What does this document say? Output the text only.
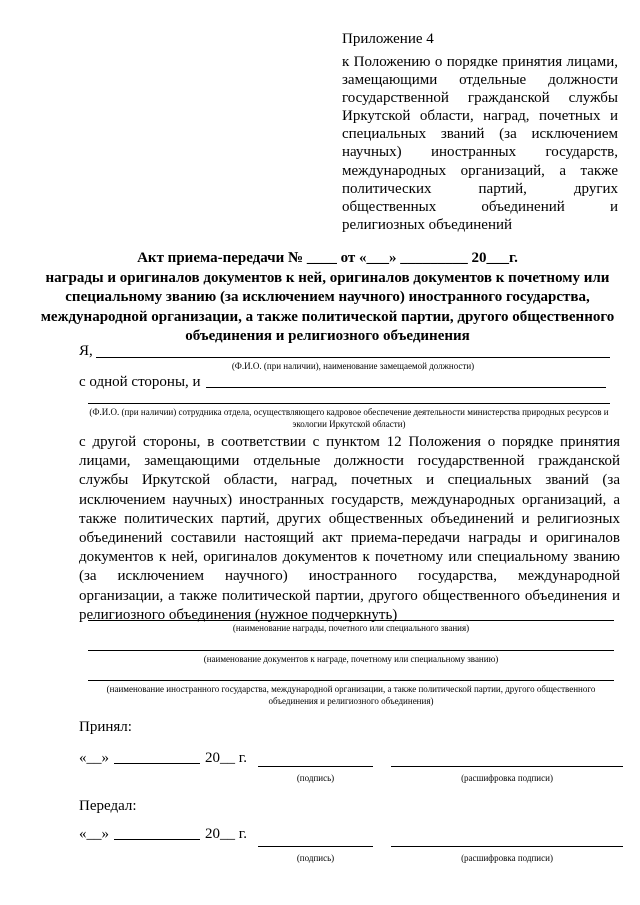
Приложение 4
к Положению о порядке принятия лицами, замещающими отдельные должности государственной гражданской службы Иркутской области, наград, почетных и специальных званий (за исключением научных) иностранных государств, международных организаций, а также политических партий, других общественных объединений и религиозных объединений
Акт приема-передачи № ____ от «___» _________ 20___г.
награды и оригиналов документов к ней, оригиналов документов к почетному или специальному званию (за исключением научного) иностранного государства, международной организации, а также политической партии, другого общественного объединения и религиозного объединения
Я,
(Ф.И.О. (при наличии), наименование замещаемой должности)
с одной стороны, и
(Ф.И.О. (при наличии) сотрудника отдела, осуществляющего кадровое обеспечение деятельности министерства природных ресурсов и экологии Иркутской области)
с другой стороны, в соответствии с пунктом 12 Положения о порядке принятия лицами, замещающими отдельные должности государственной гражданской службы Иркутской области, наград, почетных и специальных званий (за исключением научных) иностранных государств, международных организаций, а также политических партий, других общественных объединений и религиозных объединений составили настоящий акт приема-передачи награды и оригиналов документов к ней, оригиналов документов к почетному или специальному званию (за исключением научного) иностранного государства, международной организации, а также политической партии, другого общественного объединения и религиозного объединения (нужное подчеркнуть)
(наименование награды, почетного или специального звания)
(наименование документов к награде, почетному или специальному званию)
(наименование иностранного государства, международной организации, а также политической партии, другого общественного объединения и религиозного объединения)
Принял:
«__»	20__ г.
(подпись)	(расшифровка подписи)
Передал:
«__»	20__ г.
(подпись)	(расшифровка подписи)
